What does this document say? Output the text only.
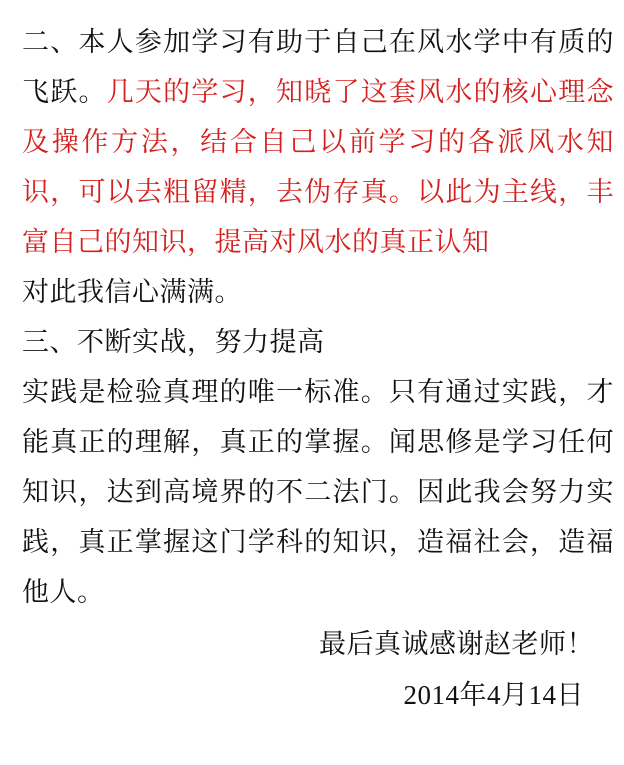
二、本人参加学习有助于自己在风水学中有质的飞跃。几天的学习，知晓了这套风水的核心理念及操作方法，结合自己以前学习的各派风水知识，可以去粗留精，去伪存真。以此为主线，丰富自己的知识，提高对风水的真正认知

对此我信心满满。

三、不断实战，努力提高

实践是检验真理的唯一标准。只有通过实践，才能真正的理解，真正的掌握。闻思修是学习任何知识，达到高境界的不二法门。因此我会努力实践，真正掌握这门学科的知识，造福社会，造福他人。

最后真诚感谢赵老师！

2014年4月14日
